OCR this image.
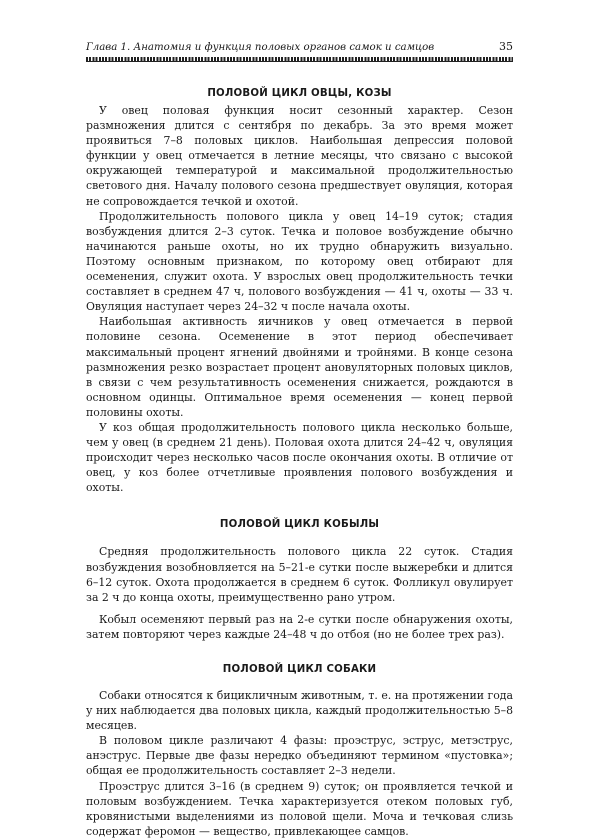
Глава 1. Анатомия и функция половых органов самок и самцов	35
ПОЛОВОЙ ЦИКЛ ОВЦЫ, КОЗЫ

У овец половая функция носит сезонный характер. Сезон размножения длится с сентября по декабрь. За это время может проявиться 7–8 половых циклов. Наибольшая депрессия половой функции у овец отмечается в летние месяцы, что связано с высокой окружающей температурой и максимальной продолжительностью светового дня. Началу полового сезона предшествует овуляция, которая не сопровождается течкой и охотой.

Продолжительность полового цикла у овец 14–19 суток; стадия возбуждения длится 2–3 суток. Течка и половое возбуждение обычно начинаются раньше охоты, но их трудно обнаружить визуально. Поэтому основным признаком, по которому овец отбирают для осеменения, служит охота. У взрослых овец продолжительность течки составляет в среднем 47 ч, полового возбуждения — 41 ч, охоты — 33 ч. Овуляция наступает через 24–32 ч после начала охоты.

Наибольшая активность яичников у овец отмечается в первой половине сезона. Осеменение в этот период обеспечивает максимальный процент ягнений двойнями и тройнями. В конце сезона размножения резко возрастает процент ановуляторных половых циклов, в связи с чем результативность осеменения снижается, рождаются в основном одинцы. Оптимальное время осеменения — конец первой половины охоты.

У коз общая продолжительность полового цикла несколько больше, чем у овец (в среднем 21 день). Половая охота длится 24–42 ч, овуляция происходит через несколько часов после окончания охоты. В отличие от овец, у коз более отчетливые проявления полового возбуждения и охоты.

ПОЛОВОЙ ЦИКЛ КОБЫЛЫ

Средняя продолжительность полового цикла 22 суток. Стадия возбуждения возобновляется на 5–21-е сутки после выжеребки и длится 6–12 суток. Охота продолжается в среднем 6 суток. Фолликул овулирует за 2 ч до конца охоты, преимущественно рано утром.

Кобыл осеменяют первый раз на 2-е сутки после обнаружения охоты, затем повторяют через каждые 24–48 ч до отбоя (но не более трех раз).

ПОЛОВОЙ ЦИКЛ СОБАКИ

Собаки относятся к бицикличным животным, т. е. на протяжении года у них наблюдается два половых цикла, каждый продолжительностью 5–8 месяцев.

В половом цикле различают 4 фазы: проэструс, эструс, метэструс, анэструс. Первые две фазы нередко объединяют термином «пустовка»; общая ее продолжительность составляет 2–3 недели.

Проэструс длится 3–16 (в среднем 9) суток; он проявляется течкой и половым возбуждением. Течка характеризуется отеком половых губ, кровянистыми выделениями из половой щели. Моча и течковая слизь содержат феромон — вещество, привлекающее самцов.
